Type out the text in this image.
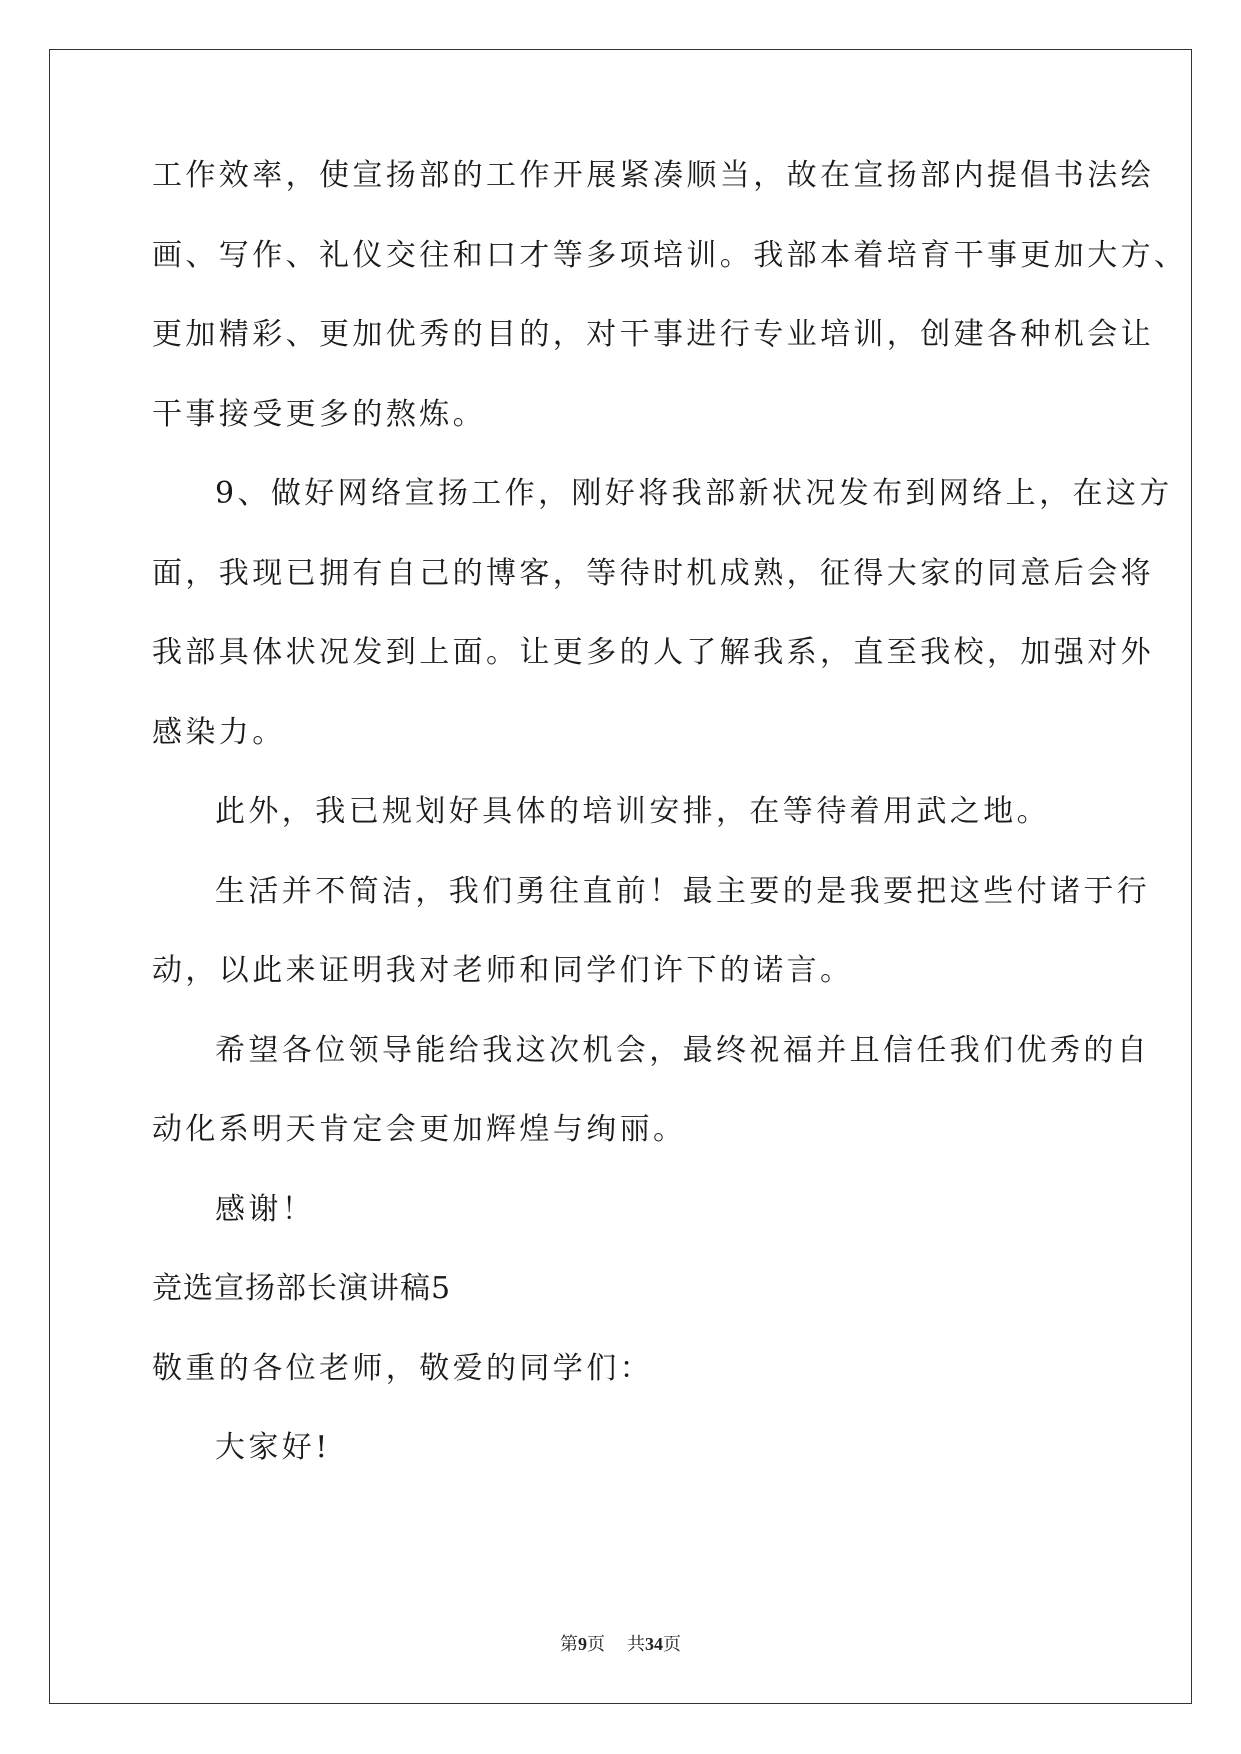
工作效率，使宣扬部的工作开展紧凑顺当，故在宣扬部内提倡书法绘
画、写作、礼仪交往和口才等多项培训。我部本着培育干事更加大方、
更加精彩、更加优秀的目的，对干事进行专业培训，创建各种机会让
干事接受更多的熬炼。
9、做好网络宣扬工作，刚好将我部新状况发布到网络上，在这方
面，我现已拥有自己的博客，等待时机成熟，征得大家的同意后会将
我部具体状况发到上面。让更多的人了解我系，直至我校，加强对外
感染力。
此外，我已规划好具体的培训安排，在等待着用武之地。
生活并不简洁，我们勇往直前！最主要的是我要把这些付诸于行
动，以此来证明我对老师和同学们许下的诺言。
希望各位领导能给我这次机会，最终祝福并且信任我们优秀的自
动化系明天肯定会更加辉煌与绚丽。
感谢！
竞选宣扬部长演讲稿5
敬重的各位老师，敬爱的同学们：
大家好!
第9页 共34页
